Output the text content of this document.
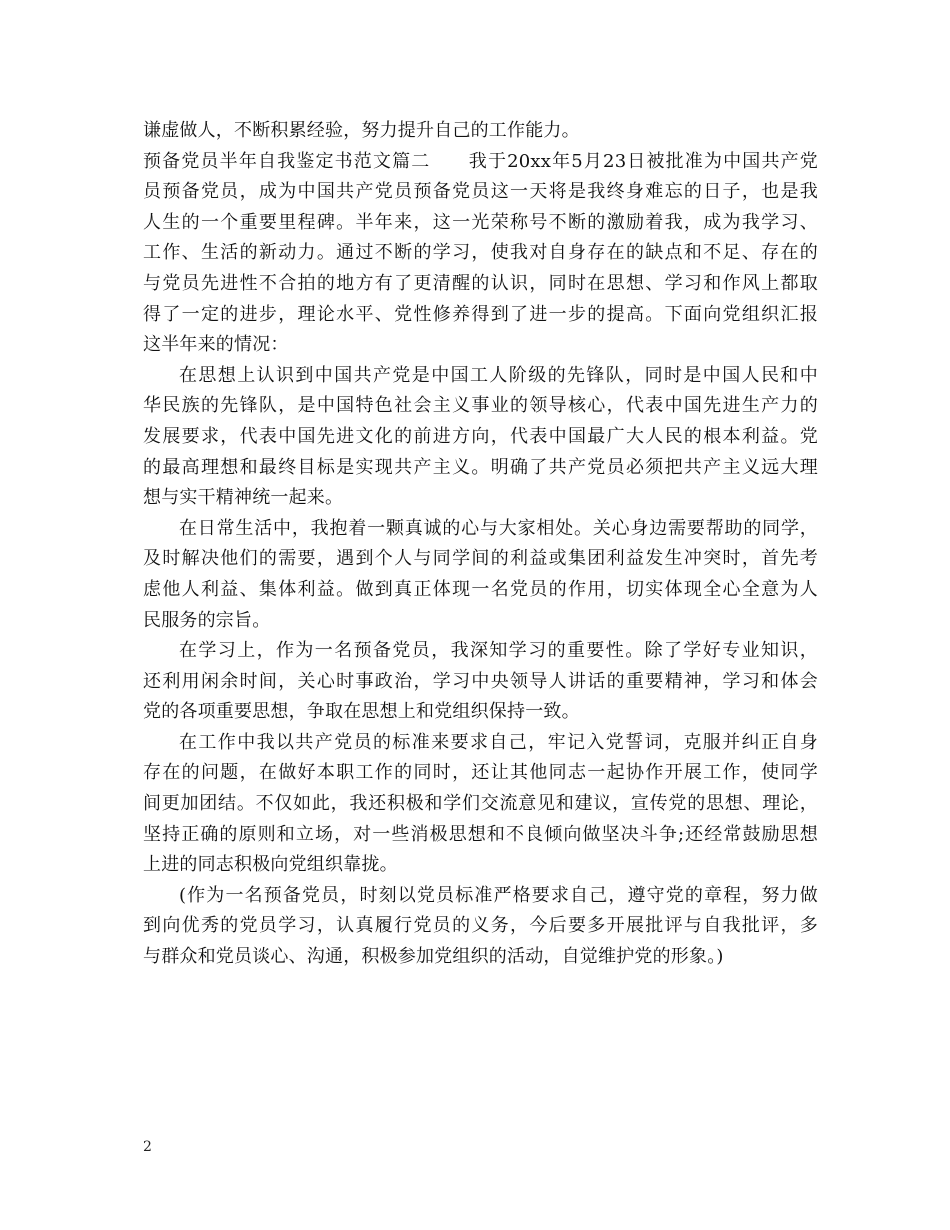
谦虚做人，不断积累经验，努力提升自己的工作能力。
预备党员半年自我鉴定书范文篇二　　我于20xx年5月23日被批准为中国共产党
员预备党员，成为中国共产党员预备党员这一天将是我终身难忘的日子，也是我
人生的一个重要里程碑。半年来，这一光荣称号不断的激励着我，成为我学习、
工作、生活的新动力。通过不断的学习，使我对自身存在的缺点和不足、存在的
与党员先进性不合拍的地方有了更清醒的认识，同时在思想、学习和作风上都取
得了一定的进步，理论水平、党性修养得到了进一步的提高。下面向党组织汇报
这半年来的情况：
在思想上认识到中国共产党是中国工人阶级的先锋队，同时是中国人民和中
华民族的先锋队，是中国特色社会主义事业的领导核心，代表中国先进生产力的
发展要求，代表中国先进文化的前进方向，代表中国最广大人民的根本利益。党
的最高理想和最终目标是实现共产主义。明确了共产党员必须把共产主义远大理
想与实干精神统一起来。
在日常生活中，我抱着一颗真诚的心与大家相处。关心身边需要帮助的同学，
及时解决他们的需要，遇到个人与同学间的利益或集团利益发生冲突时，首先考
虑他人利益、集体利益。做到真正体现一名党员的作用，切实体现全心全意为人
民服务的宗旨。
在学习上，作为一名预备党员，我深知学习的重要性。除了学好专业知识，
还利用闲余时间，关心时事政治，学习中央领导人讲话的重要精神，学习和体会
党的各项重要思想，争取在思想上和党组织保持一致。
在工作中我以共产党员的标准来要求自己，牢记入党誓词，克服并纠正自身
存在的问题，在做好本职工作的同时，还让其他同志一起协作开展工作，使同学
间更加团结。不仅如此，我还积极和学们交流意见和建议，宣传党的思想、理论，
坚持正确的原则和立场，对一些消极思想和不良倾向做坚决斗争;还经常鼓励思想
上进的同志积极向党组织靠拢。
(作为一名预备党员，时刻以党员标准严格要求自己，遵守党的章程，努力做
到向优秀的党员学习，认真履行党员的义务，今后要多开展批评与自我批评，多
与群众和党员谈心、沟通，积极参加党组织的活动，自觉维护党的形象。)
2
